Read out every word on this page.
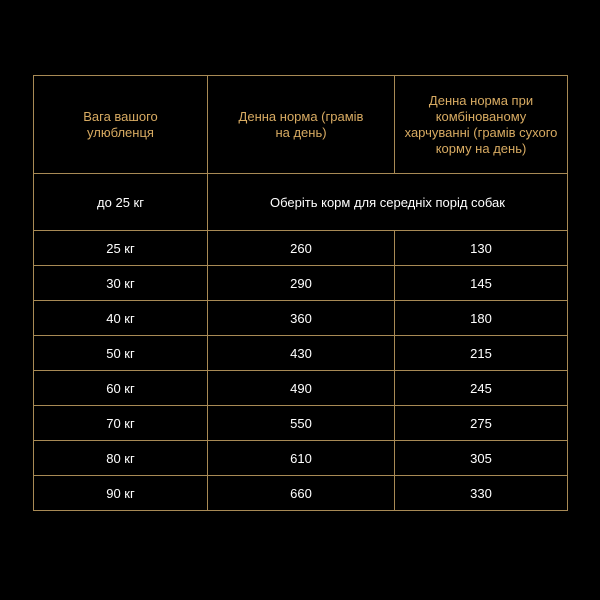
Вага вашого улюбленця	Денна норма (грамів на день)	Денна норма при комбінованому харчуванні (грамів сухого корму на день)
до 25 кг	Оберіть корм для середніх порід собак	
25 кг	260	130
30 кг	290	145
40 кг	360	180
50 кг	430	215
60 кг	490	245
70 кг	550	275
80 кг	610	305
90 кг	660	330
